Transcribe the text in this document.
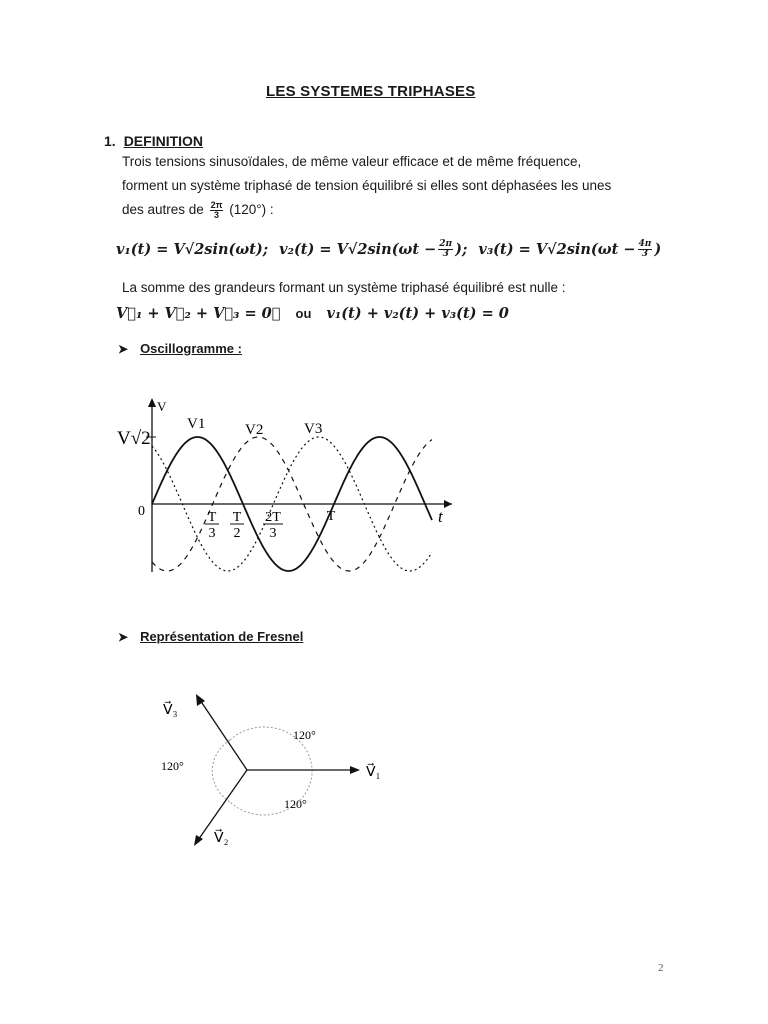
LES SYSTEMES TRIPHASES
1. DEFINITION
Trois tensions sinusoïdales, de même valeur efficace et de même fréquence,
forment un système triphasé de tension équilibré si elles sont déphasées les unes
des autres de $\frac{2\pi}{3} (120^\circ)$ :
v₁(t) = V√2sin(ωt); $v_2(t) = V√2\sin(\omega t - \frac{2\pi}{3}$ ); $v_3(t) = V√2\sin(\omega t - \frac{4\pi}{3}$ )
La somme des grandeurs formant un système triphasé équilibré est nulle :
V⃗₁ + V⃗₂ + V⃗₃ = 0⃗ ou v₁(t) + v₂(t) + v₃(t) = 0
➤ Oscillogramme :
V
t
V√2
0
V1	V2	V3
T
3
T
2
2T
3
T
➤ Représentation de Fresnel
V⃗₁
V⃗₃
V⃗₂
120°
120°
120°
2
